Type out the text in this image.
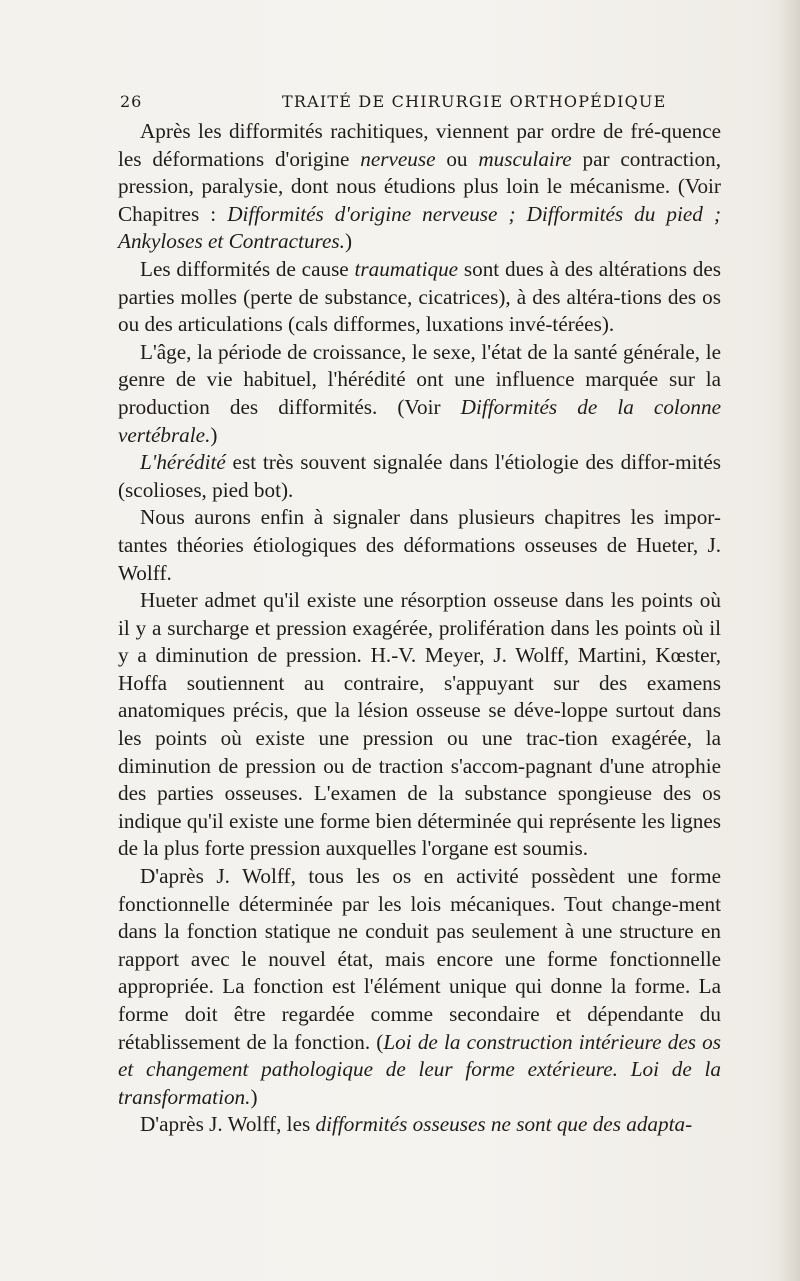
26	TRAITÉ DE CHIRURGIE ORTHOPÉDIQUE

Après les difformités rachitiques, viennent par ordre de fré-quence les déformations d'origine nerveuse ou musculaire par contraction, pression, paralysie, dont nous étudions plus loin le mécanisme. (Voir Chapitres : Difformités d'origine nerveuse ; Difformités du pied ; Ankyloses et Contractures.)

Les difformités de cause traumatique sont dues à des altérations des parties molles (perte de substance, cicatrices), à des altéra-tions des os ou des articulations (cals difformes, luxations invé-térées).

L'âge, la période de croissance, le sexe, l'état de la santé générale, le genre de vie habituel, l'hérédité ont une influence marquée sur la production des difformités. (Voir Difformités de la colonne vertébrale.)

L'hérédité est très souvent signalée dans l'étiologie des diffor-mités (scolioses, pied bot).

Nous aurons enfin à signaler dans plusieurs chapitres les impor-tantes théories étiologiques des déformations osseuses de Hueter, J. Wolff.

Hueter admet qu'il existe une résorption osseuse dans les points où il y a surcharge et pression exagérée, prolifération dans les points où il y a diminution de pression. H.-V. Meyer, J. Wolff, Martini, Kœster, Hoffa soutiennent au contraire, s'appuyant sur des examens anatomiques précis, que la lésion osseuse se déve-loppe surtout dans les points où existe une pression ou une trac-tion exagérée, la diminution de pression ou de traction s'accom-pagnant d'une atrophie des parties osseuses. L'examen de la substance spongieuse des os indique qu'il existe une forme bien déterminée qui représente les lignes de la plus forte pression auxquelles l'organe est soumis.

D'après J. Wolff, tous les os en activité possèdent une forme fonctionnelle déterminée par les lois mécaniques. Tout change-ment dans la fonction statique ne conduit pas seulement à une structure en rapport avec le nouvel état, mais encore une forme fonctionnelle appropriée. La fonction est l'élément unique qui donne la forme. La forme doit être regardée comme secondaire et dépendante du rétablissement de la fonction. (Loi de la construction intérieure des os et changement pathologique de leur forme extérieure. Loi de la transformation.)

D'après J. Wolff, les difformités osseuses ne sont que des adapta-
